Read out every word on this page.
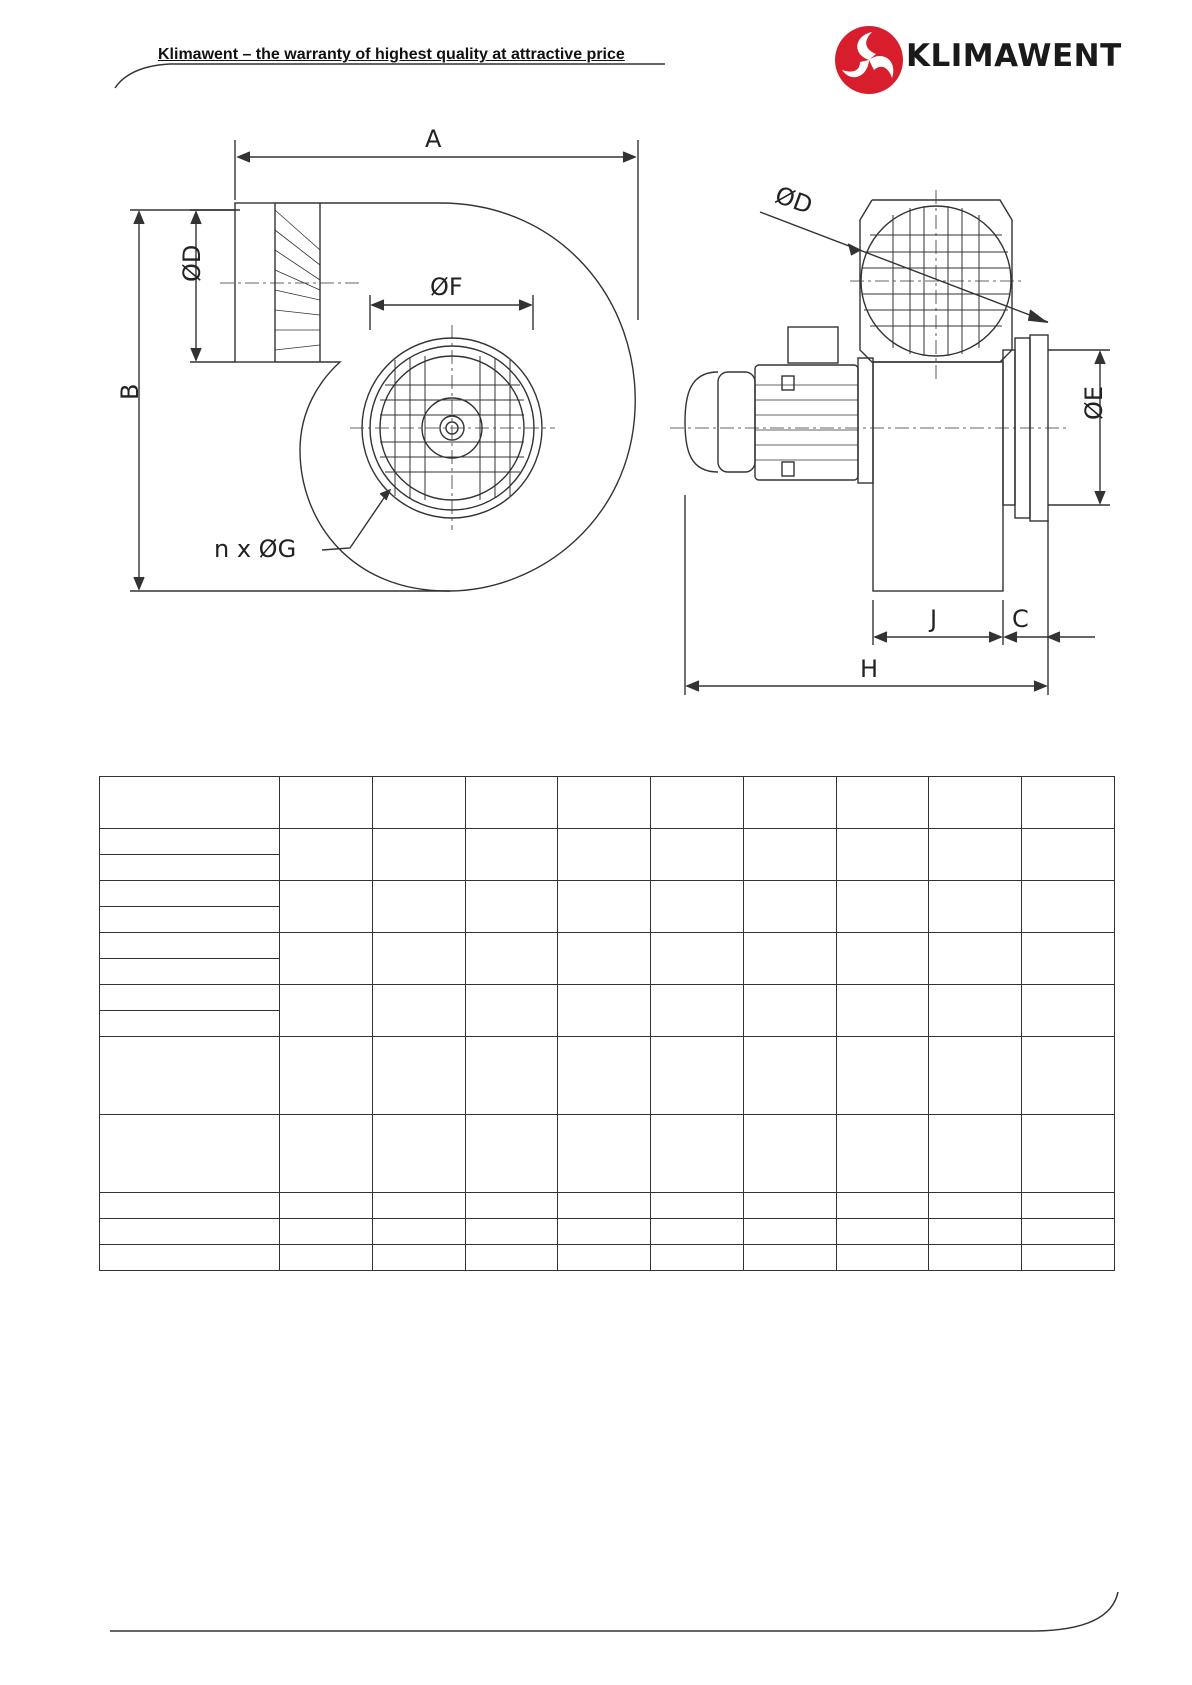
Klimawent – the warranty of highest quality at attractive price	KLIMAWENT
A
B
ØD
ØF
n x ØG
ØD
ØE
J	C
H
